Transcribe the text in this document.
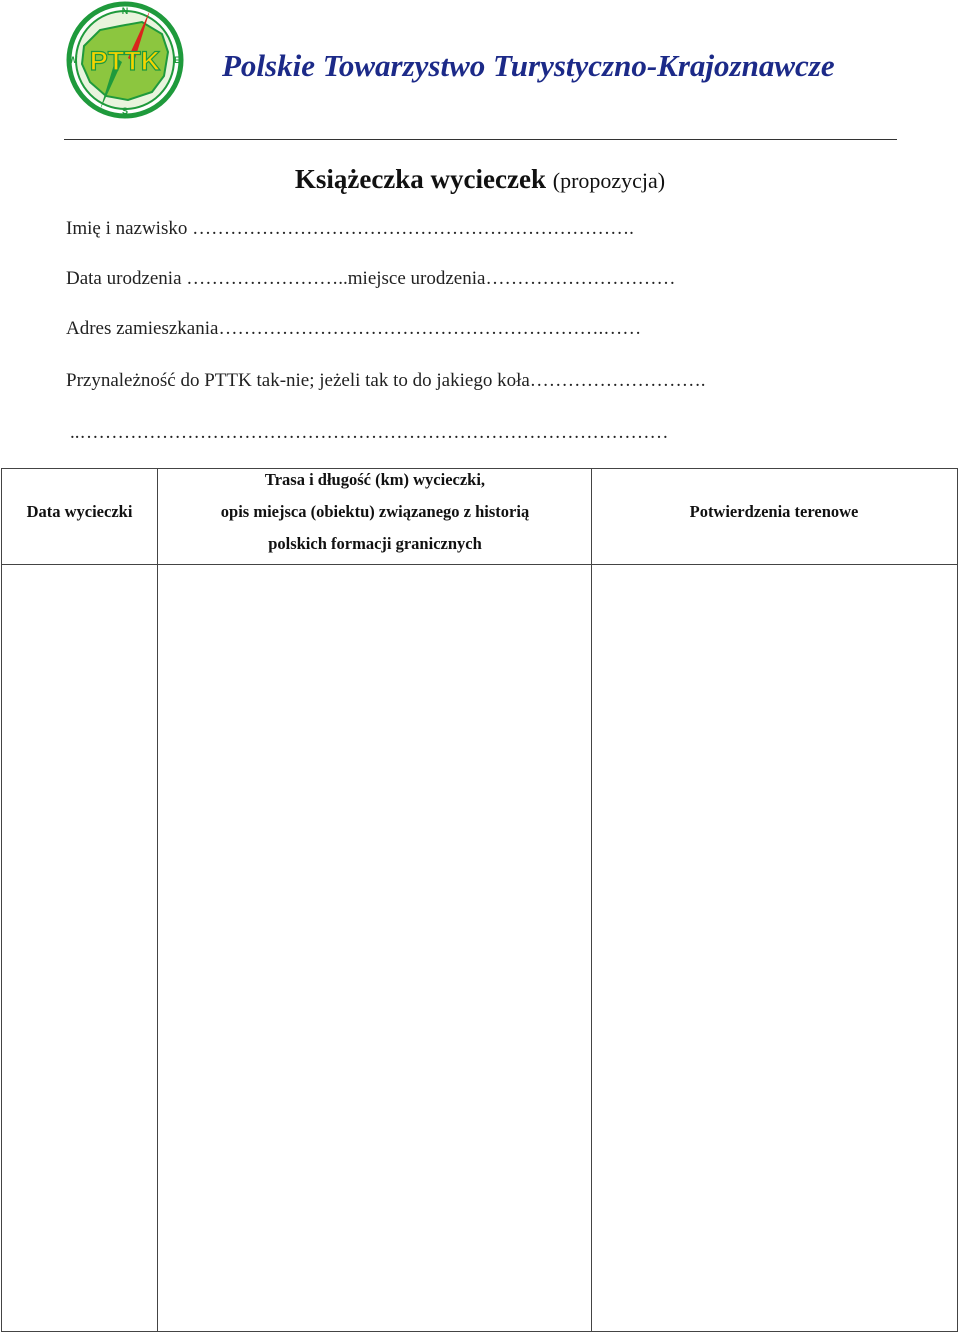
PTTK
N
E
S
W	Polskie Towarzystwo Turystyczno-Krajoznawcze
Książeczka wycieczek (propozycja)
Imię i nazwisko …………………………………………………………….
Data urodzenia ……………………..miejsce urodzenia…………………………
Adres zamieszkania…………………………………………………….……
Przynależność do PTTK tak-nie; jeżeli tak to do jakiego koła……………………….
..…………………………………………………………………………………
Data wycieczki
Trasa i długość (km) wycieczki,
opis miejsca (obiektu) związanego z historią
polskich formacji granicznych
Potwierdzenia terenowe
